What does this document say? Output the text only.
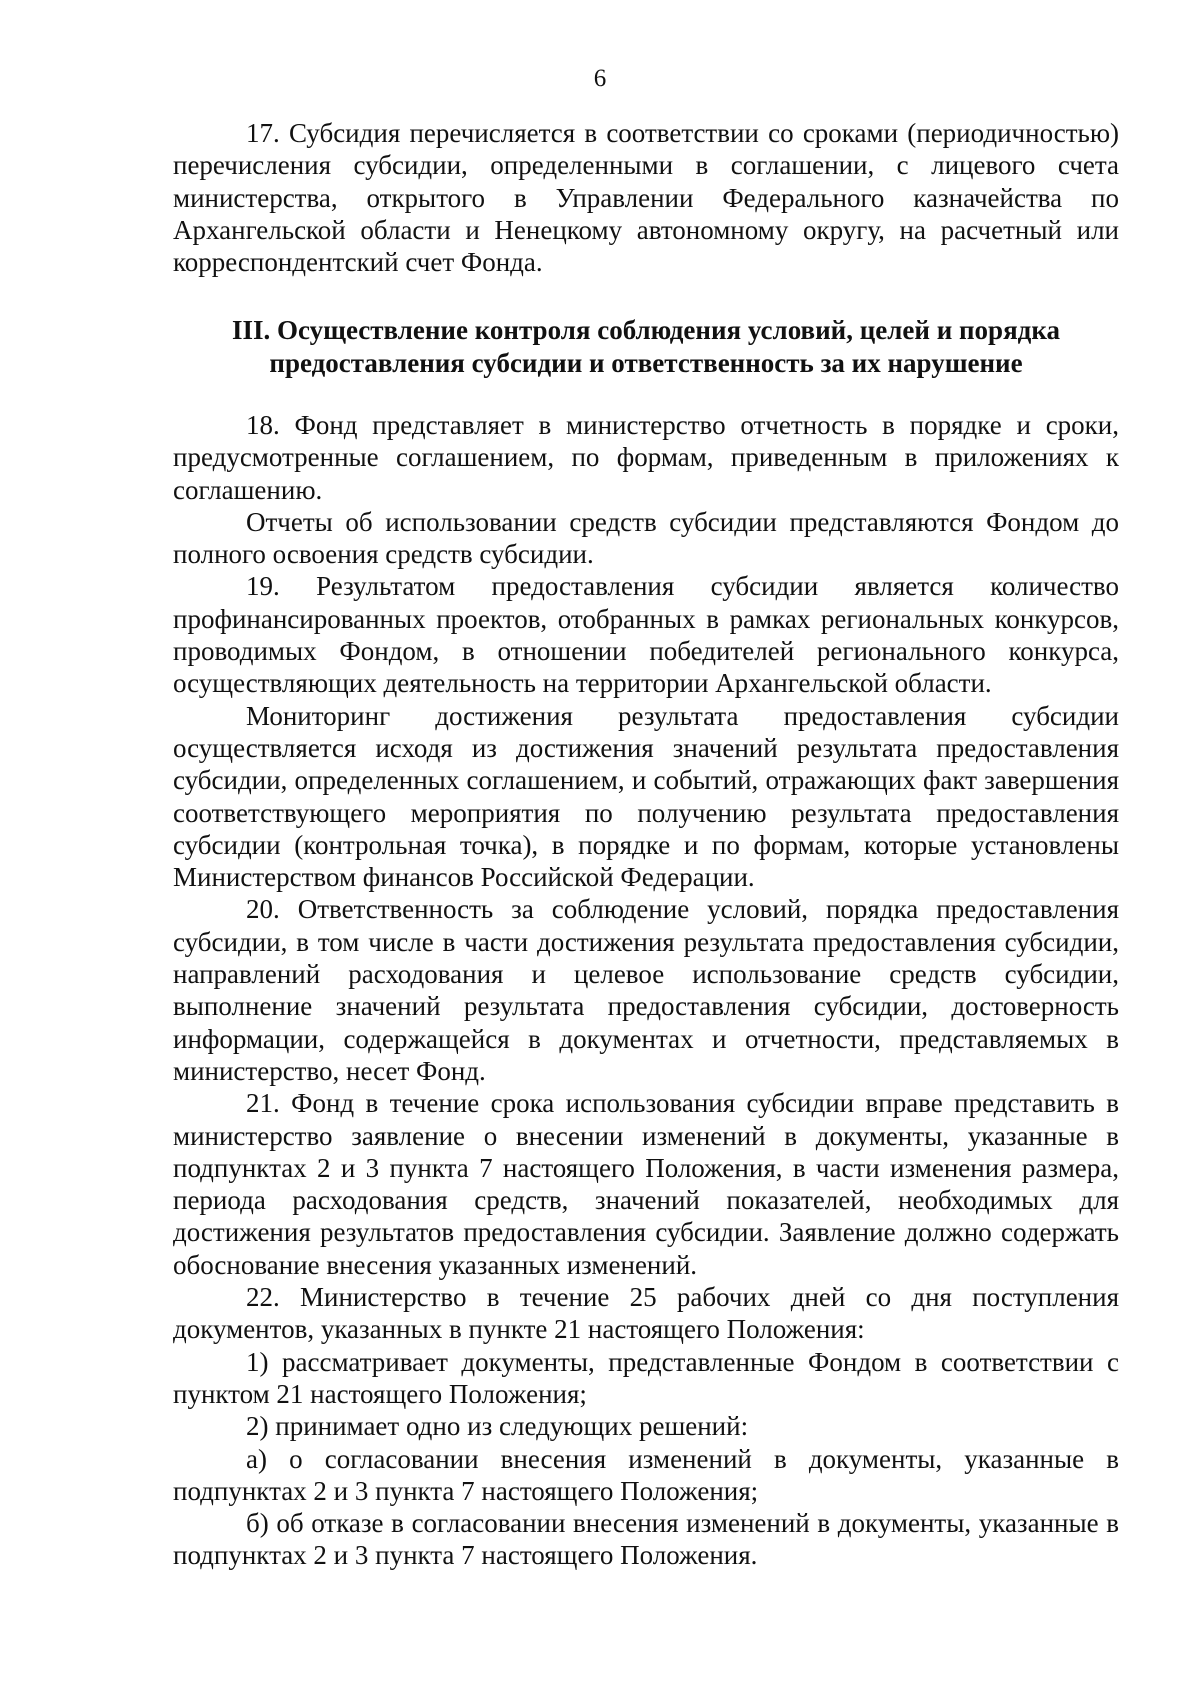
6

17. Субсидия перечисляется в соответствии со сроками (периодичностью) перечисления субсидии, определенными в соглашении, с лицевого счета министерства, открытого в Управлении Федерального казначейства по Архангельской области и Ненецкому автономному округу, на расчетный или корреспондентский счет Фонда.

III. Осуществление контроля соблюдения условий, целей и порядка

предоставления субсидии и ответственность за их нарушение

18. Фонд представляет в министерство отчетность в порядке и сроки, предусмотренные соглашением, по формам, приведенным в приложениях к соглашению.

Отчеты об использовании средств субсидии представляются Фондом до полного освоения средств субсидии.

19. Результатом предоставления субсидии является количество профинансированных проектов, отобранных в рамках региональных конкурсов, проводимых Фондом, в отношении победителей регионального конкурса, осуществляющих деятельность на территории Архангельской области.

Мониторинг достижения результата предоставления субсидии осуществляется исходя из достижения значений результата предоставления субсидии, определенных соглашением, и событий, отражающих факт завершения соответствующего мероприятия по получению результата предоставления субсидии (контрольная точка), в порядке и по формам, которые установлены Министерством финансов Российской Федерации.

20. Ответственность за соблюдение условий, порядка предоставления субсидии, в том числе в части достижения результата предоставления субсидии, направлений расходования и целевое использование средств субсидии, выполнение значений результата предоставления субсидии, достоверность информации, содержащейся в документах и отчетности, представляемых в министерство, несет Фонд.

21. Фонд в течение срока использования субсидии вправе представить в министерство заявление о внесении изменений в документы, указанные в подпунктах 2 и 3 пункта 7 настоящего Положения, в части изменения размера, периода расходования средств, значений показателей, необходимых для достижения результатов предоставления субсидии. Заявление должно содержать обоснование внесения указанных изменений.

22. Министерство в течение 25 рабочих дней со дня поступления документов, указанных в пункте 21 настоящего Положения:

1) рассматривает документы, представленные Фондом в соответствии с пунктом 21 настоящего Положения;

2) принимает одно из следующих решений:

а) о согласовании внесения изменений в документы, указанные в подпунктах 2 и 3 пункта 7 настоящего Положения;

б) об отказе в согласовании внесения изменений в документы, указанные в подпунктах 2 и 3 пункта 7 настоящего Положения.
